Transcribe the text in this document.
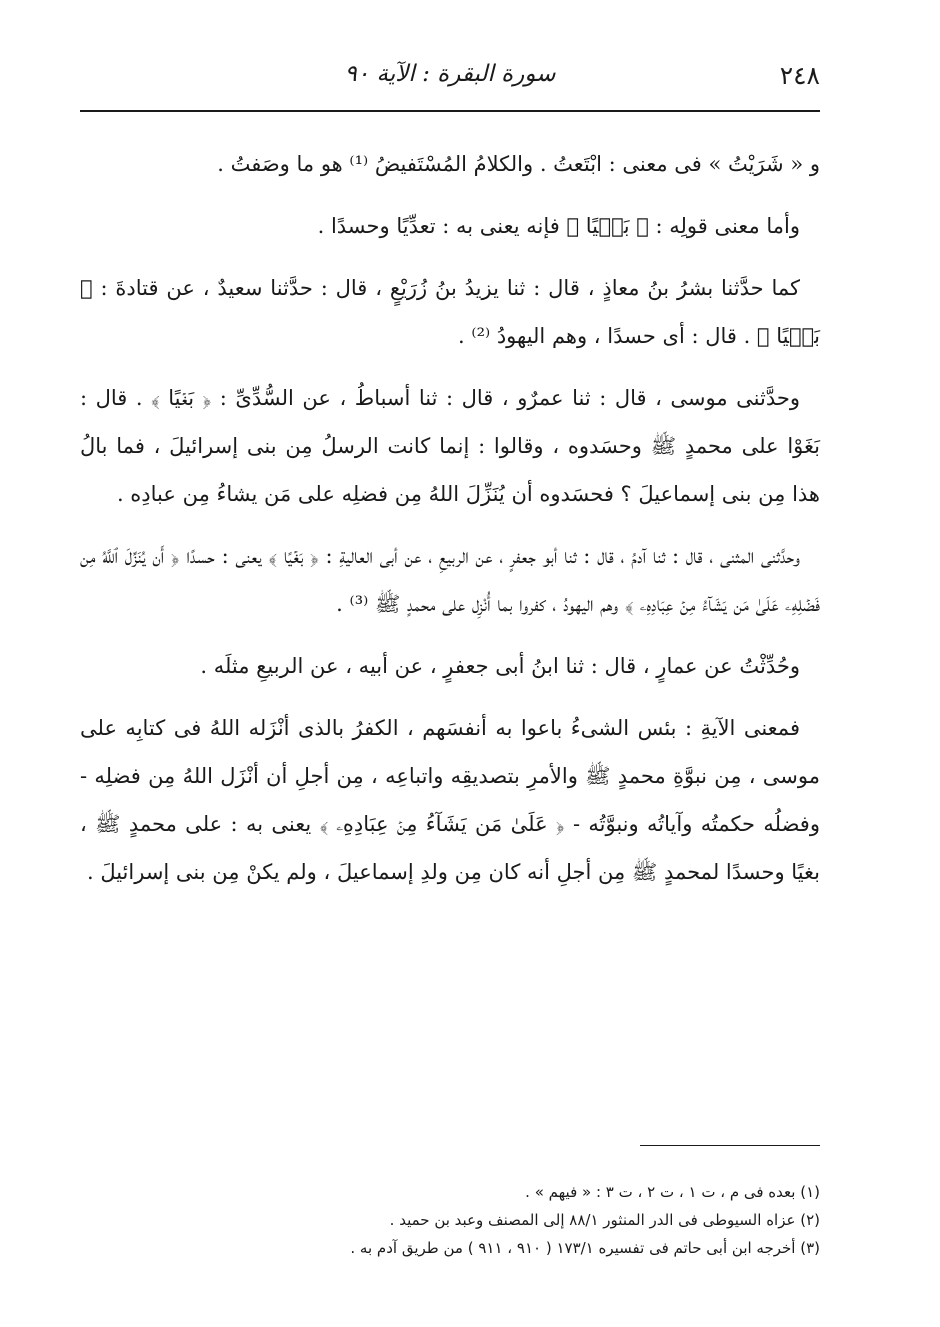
٢٤٨
سورة البقرة : الآية ٩٠

و « شَرَيْتُ » فى معنى : ابْتَعتُ . والكلامُ المُسْتَفيضُ ⁽¹⁾ هو ما وصَفتُ .

وأما معنى قولِه : ﴿ بَغۡيًا ﴾ فإنه يعنى به : تعدِّيًا وحسدًا .

كما حدَّثنا بشرُ بنُ معاذٍ ، قال : ثنا يزيدُ بنُ زُرَيْعٍ ، قال : حدَّثنا سعيدٌ ، عن قتادةَ : ﴿ بَغۡيًا ﴾ . قال : أى حسدًا ، وهم اليهودُ ⁽²⁾ .

وحدَّثنى موسى ، قال : ثنا عمرٌو ، قال : ثنا أسباطُ ، عن السُّدِّىِّ : ﴿ بَغۡيًا ﴾ . قال : بَغَوْا على محمدٍ ﷺ وحسَدوه ، وقالوا : إنما كانت الرسلُ مِن بنى إسرائيلَ ، فما بالُ هذا مِن بنى إسماعيلَ ؟ فحسَدوه أن يُنَزِّلَ اللهُ مِن فضلِه على مَن يشاءُ مِن عبادِه .

وحدَّثنى المثنى ، قال : ثنا آدمُ ، قال : ثنا أبو جعفرٍ ، عن الربيعِ ، عن أبى العاليةِ : ﴿ بَغۡيًا ﴾ يعنى : حسدًا ﴿ أَن يُنَزِّلَ ٱللَّهُ مِن فَضۡلِهِۦ عَلَىٰ مَن يَشَآءُ مِنۡ عِبَادِهِۦ ﴾ وهم اليهودُ ، كفروا بما أُنْزِل على محمدٍ ﷺ ⁽³⁾ .

وحُدِّثْتُ عن عمارٍ ، قال : ثنا ابنُ أبى جعفرٍ ، عن أبيه ، عن الربيعِ مثلَه .

فمعنى الآيةِ : بئس الشىءُ باعوا به أنفسَهم ، الكفرُ بالذى أنْزَله اللهُ فى كتابِه على موسى ، مِن نبوَّةِ محمدٍ ﷺ والأمرِ بتصديقِه واتباعِه ، مِن أجلِ أن أنْزَل اللهُ مِن فضلِه - وفضلُه حكمتُه وآياتُه ونبوَّتُه - ﴿ عَلَىٰ مَن يَشَآءُ مِنۡ عِبَادِهِۦ ﴾ يعنى به : على محمدٍ ﷺ ، بغيًا وحسدًا لمحمدٍ ﷺ مِن أجلِ أنه كان مِن ولدِ إسماعيلَ ، ولم يكنْ مِن بنى إسرائيلَ .

(١) بعده فى م ، ت ١ ، ت ٢ ، ت ٣ : « فيهم » .

(٢) عزاه السيوطى فى الدر المنثور ٨٨/١ إلى المصنف وعبد بن حميد .

(٣) أخرجه ابن أبى حاتم فى تفسيره ١٧٣/١ ( ٩١٠ ، ٩١١ ) من طريق آدم به .
